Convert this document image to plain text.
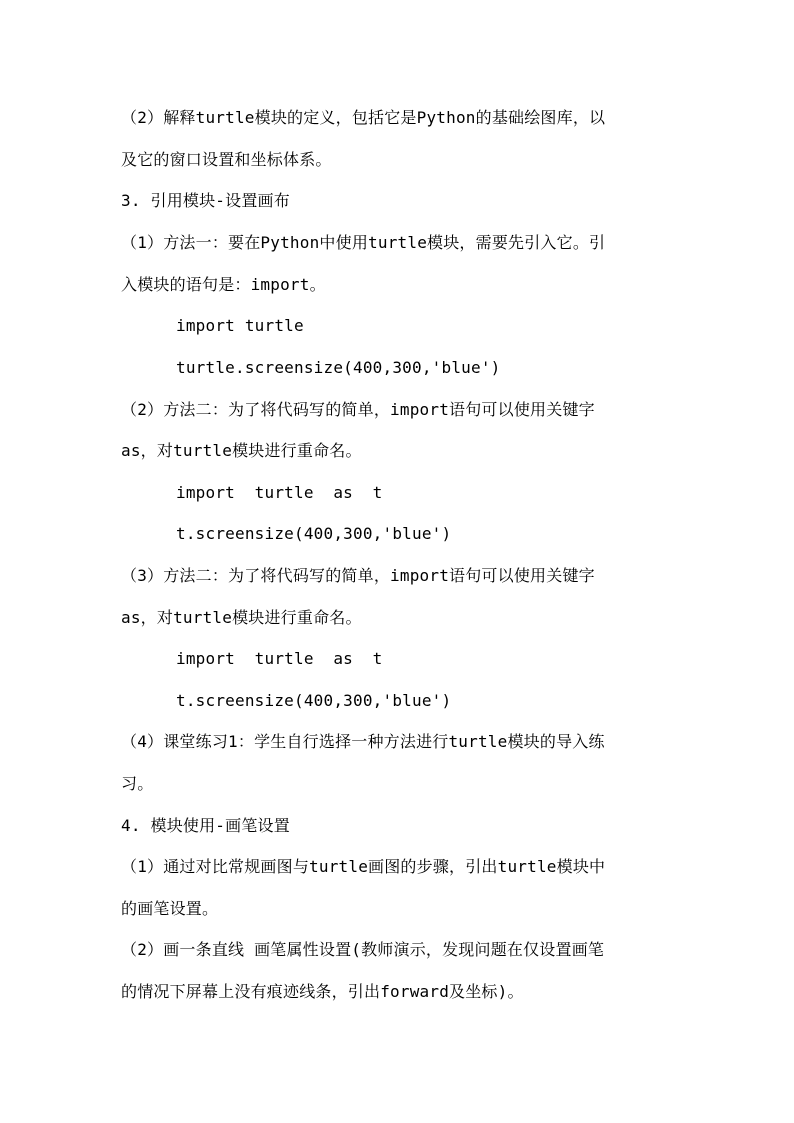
（2）解释turtle模块的定义，包括它是Python的基础绘图库，以
及它的窗口设置和坐标体系。
3. 引用模块-设置画布
（1）方法一：要在Python中使用turtle模块，需要先引入它。引
入模块的语句是：import。
import turtle
turtle.screensize(400,300,'blue')
（2）方法二：为了将代码写的简单，import语句可以使用关键字
as，对turtle模块进行重命名。
import  turtle  as  t
t.screensize(400,300,'blue')
（3）方法二：为了将代码写的简单，import语句可以使用关键字
as，对turtle模块进行重命名。
import  turtle  as  t
t.screensize(400,300,'blue')
（4）课堂练习1：学生自行选择一种方法进行turtle模块的导入练
习。
4. 模块使用-画笔设置
（1）通过对比常规画图与turtle画图的步骤，引出turtle模块中
的画笔设置。
（2）画一条直线 画笔属性设置(教师演示，发现问题在仅设置画笔
的情况下屏幕上没有痕迹线条，引出forward及坐标)。
